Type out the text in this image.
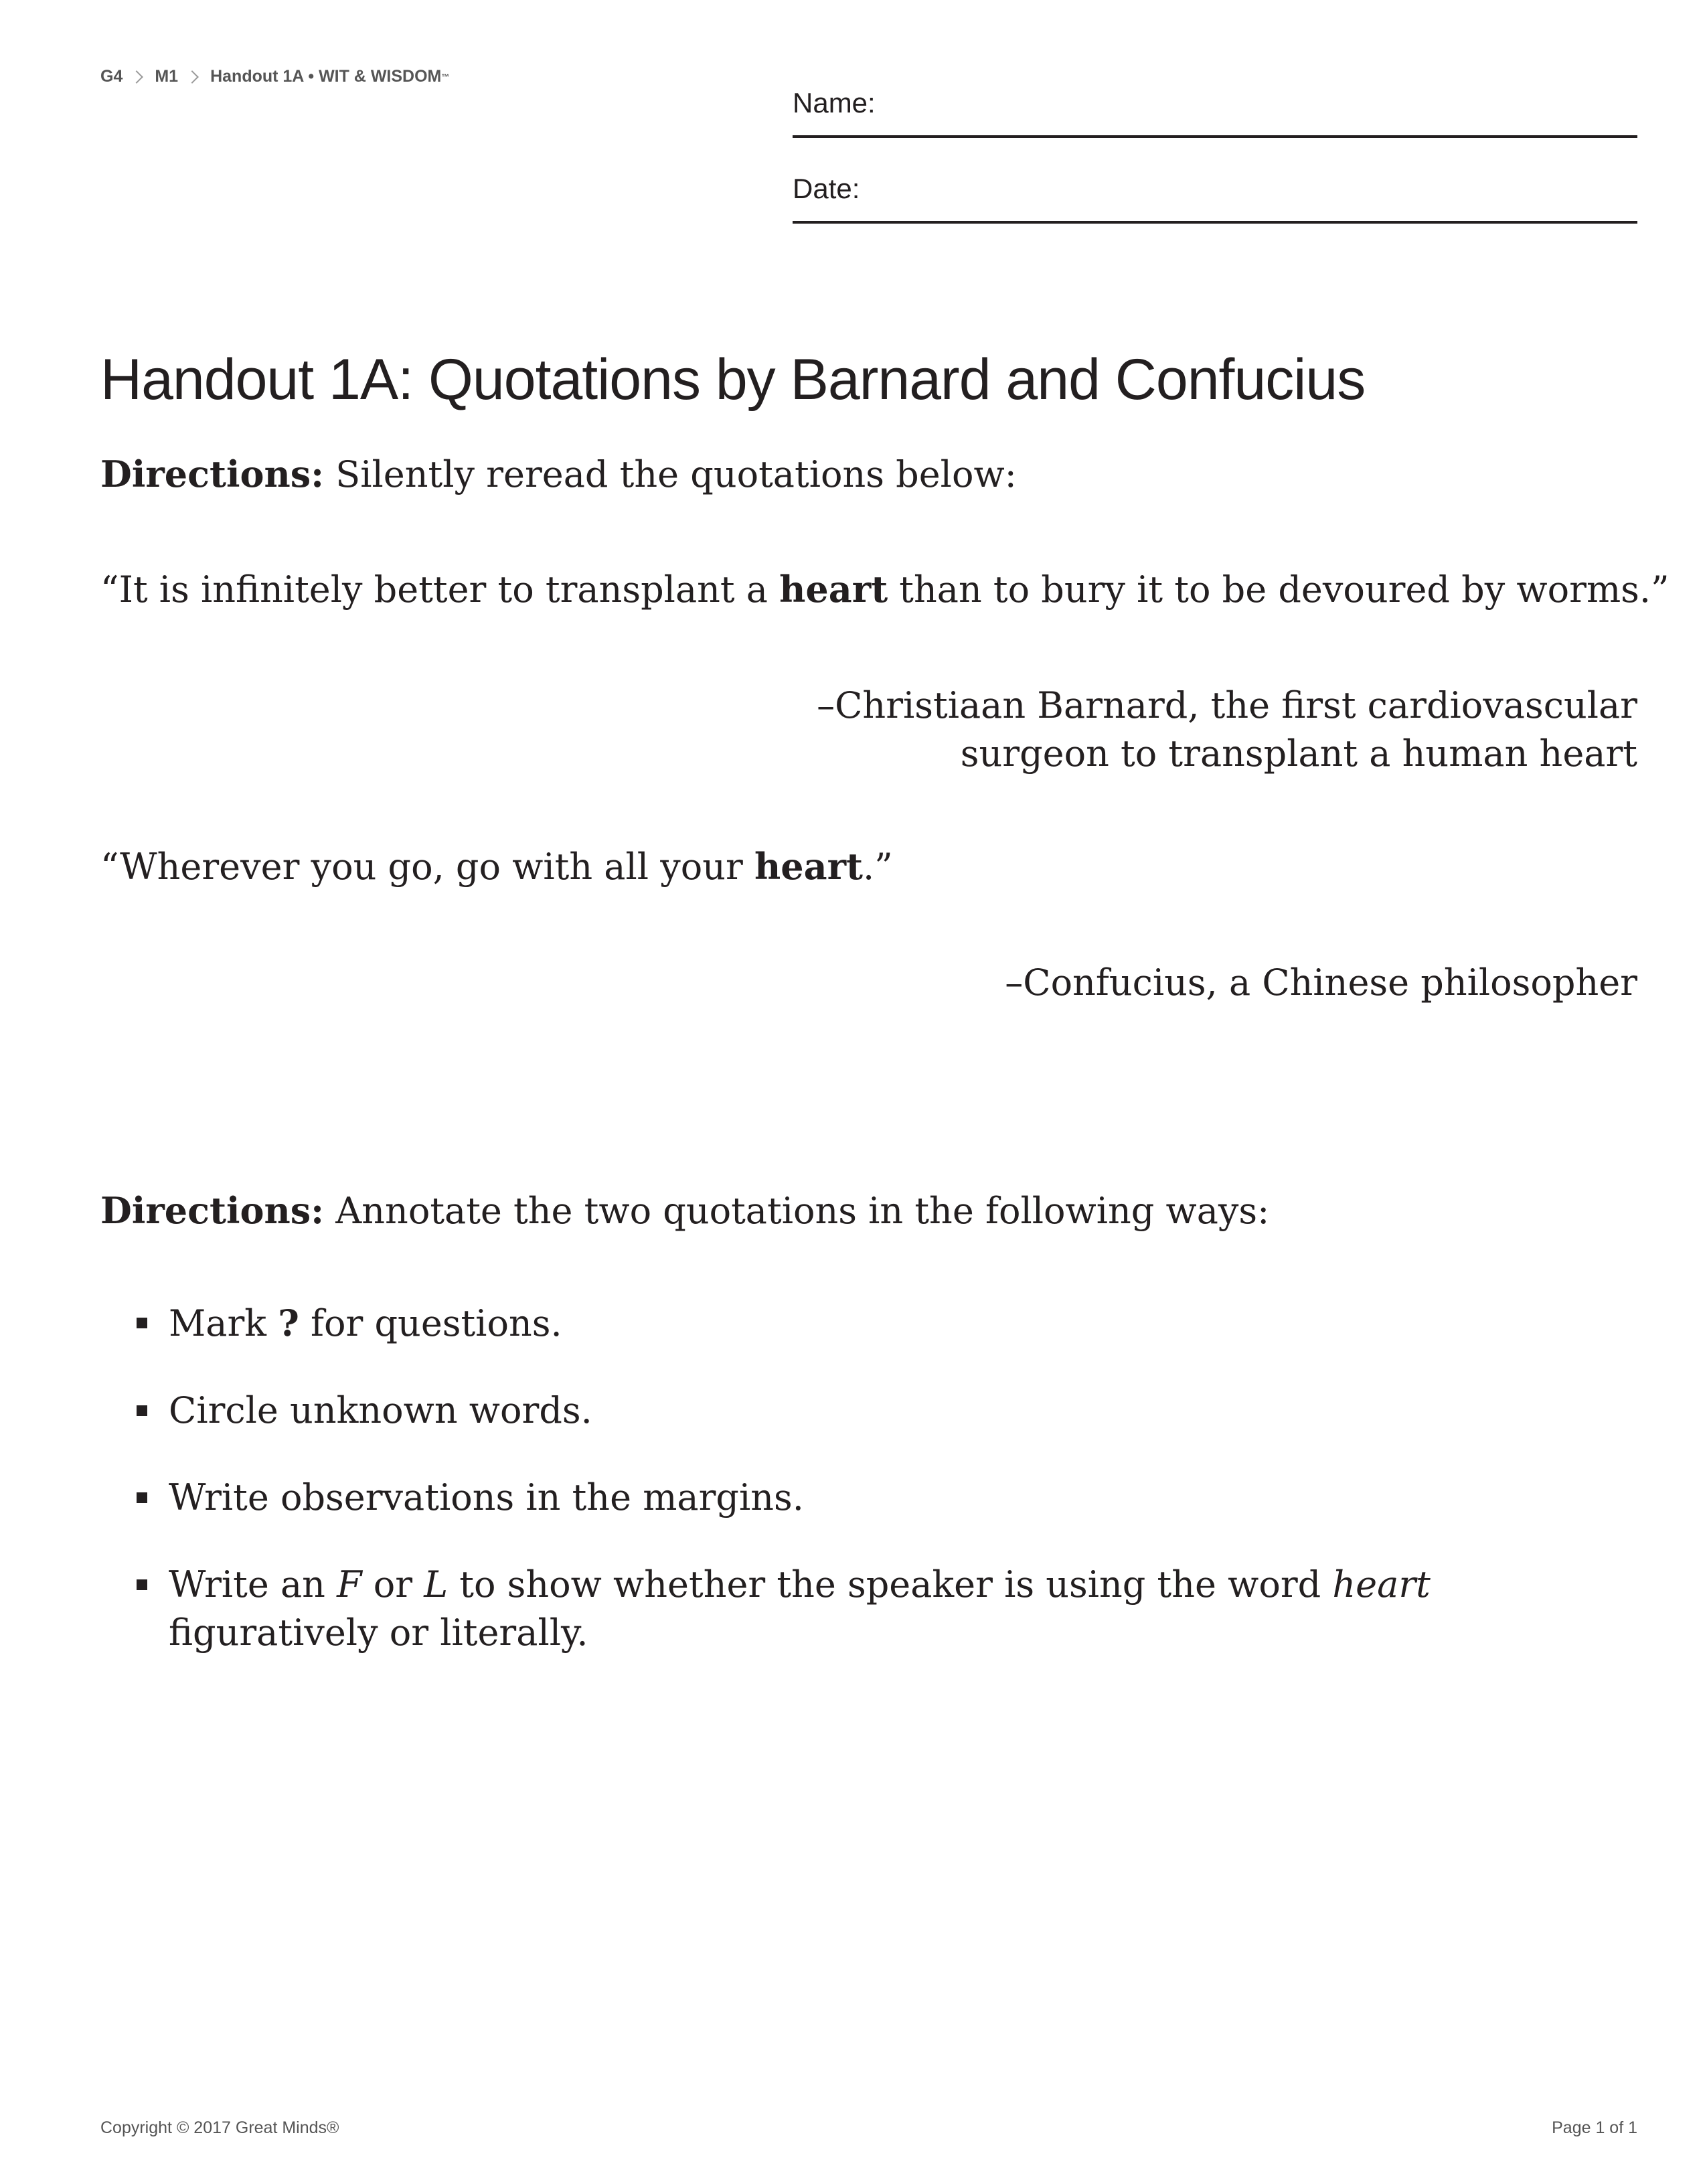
G4 M1 Handout 1A • WIT & WISDOM ™
Name:
Date:
Handout 1A: Quotations by Barnard and Confucius
Directions: Silently reread the quotations below:
“It is infinitely better to transplant a heart than to bury it to be devoured by worms.”
–Christiaan Barnard, the first cardiovascular
surgeon to transplant a human heart
“Wherever you go, go with all your heart.”
–Confucius, a Chinese philosopher
Directions: Annotate the two quotations in the following ways:
Mark ? for questions.
Circle unknown words.
Write observations in the margins.
Write an F or L to show whether the speaker is using the word heart figuratively or literally.
Copyright © 2017 Great Minds®	Page 1 of 1
